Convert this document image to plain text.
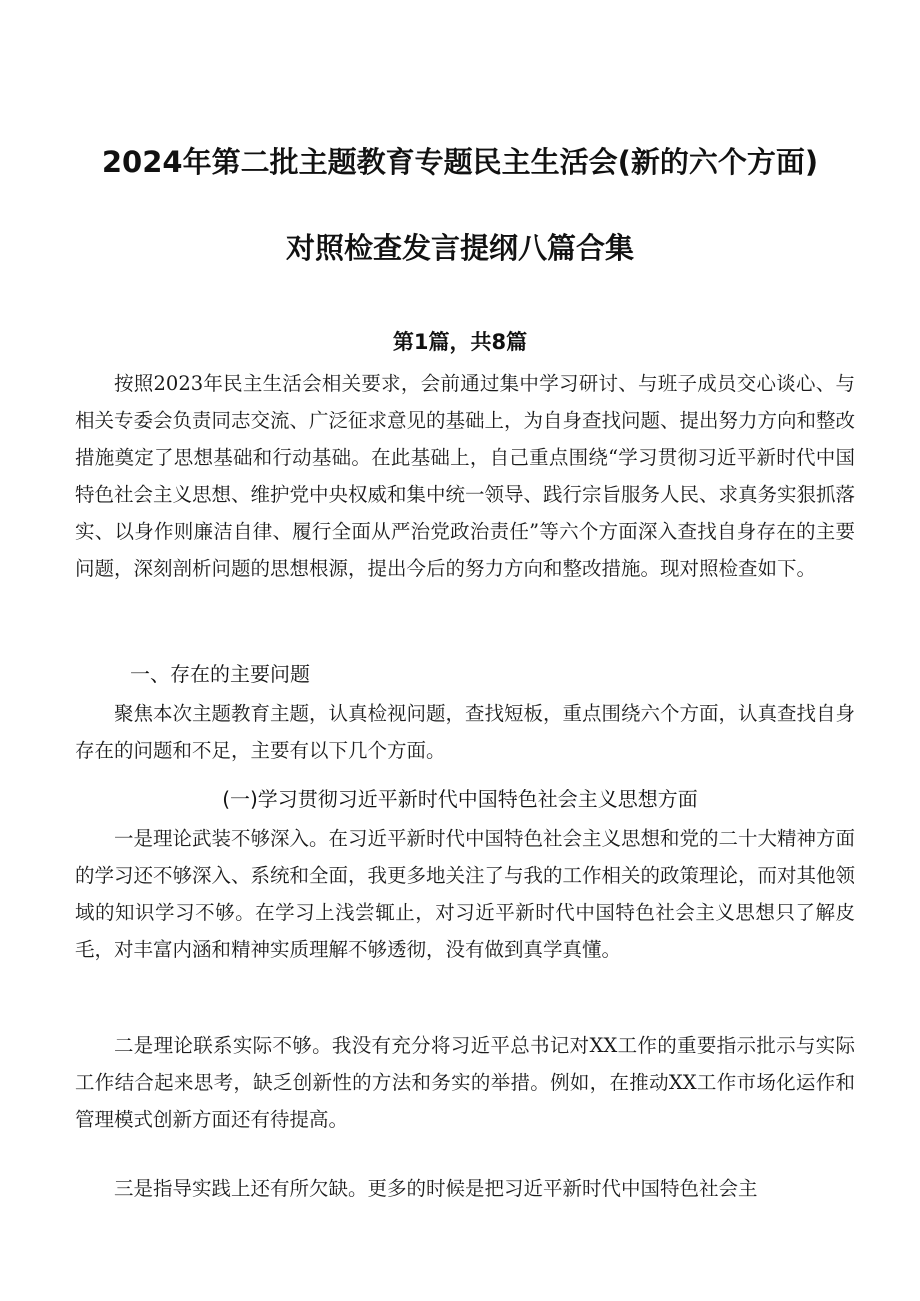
2024年第二批主题教育专题民主生活会(新的六个方面)
对照检查发言提纲八篇合集
第1篇，共8篇

按照2023年民主生活会相关要求，会前通过集中学习研讨、与班子成员交心谈心、与相关专委会负责同志交流、广泛征求意见的基础上，为自身查找问题、提出努力方向和整改措施奠定了思想基础和行动基础。在此基础上，自己重点围绕“学习贯彻习近平新时代中国特色社会主义思想、维护党中央权威和集中统一领导、践行宗旨服务人民、求真务实狠抓落实、以身作则廉洁自律、履行全面从严治党政治责任”等六个方面深入查找自身存在的主要问题，深刻剖析问题的思想根源，提出今后的努力方向和整改措施。现对照检查如下。

一、存在的主要问题

聚焦本次主题教育主题，认真检视问题，查找短板，重点围绕六个方面，认真查找自身存在的问题和不足，主要有以下几个方面。

(一)学习贯彻习近平新时代中国特色社会主义思想方面

一是理论武装不够深入。在习近平新时代中国特色社会主义思想和党的二十大精神方面的学习还不够深入、系统和全面，我更多地关注了与我的工作相关的政策理论，而对其他领域的知识学习不够。在学习上浅尝辄止，对习近平新时代中国特色社会主义思想只了解皮毛，对丰富内涵和精神实质理解不够透彻，没有做到真学真懂。

二是理论联系实际不够。我没有充分将习近平总书记对XX工作的重要指示批示与实际工作结合起来思考，缺乏创新性的方法和务实的举措。例如，在推动XX工作市场化运作和管理模式创新方面还有待提高。

三是指导实践上还有所欠缺。更多的时候是把习近平新时代中国特色社会主
